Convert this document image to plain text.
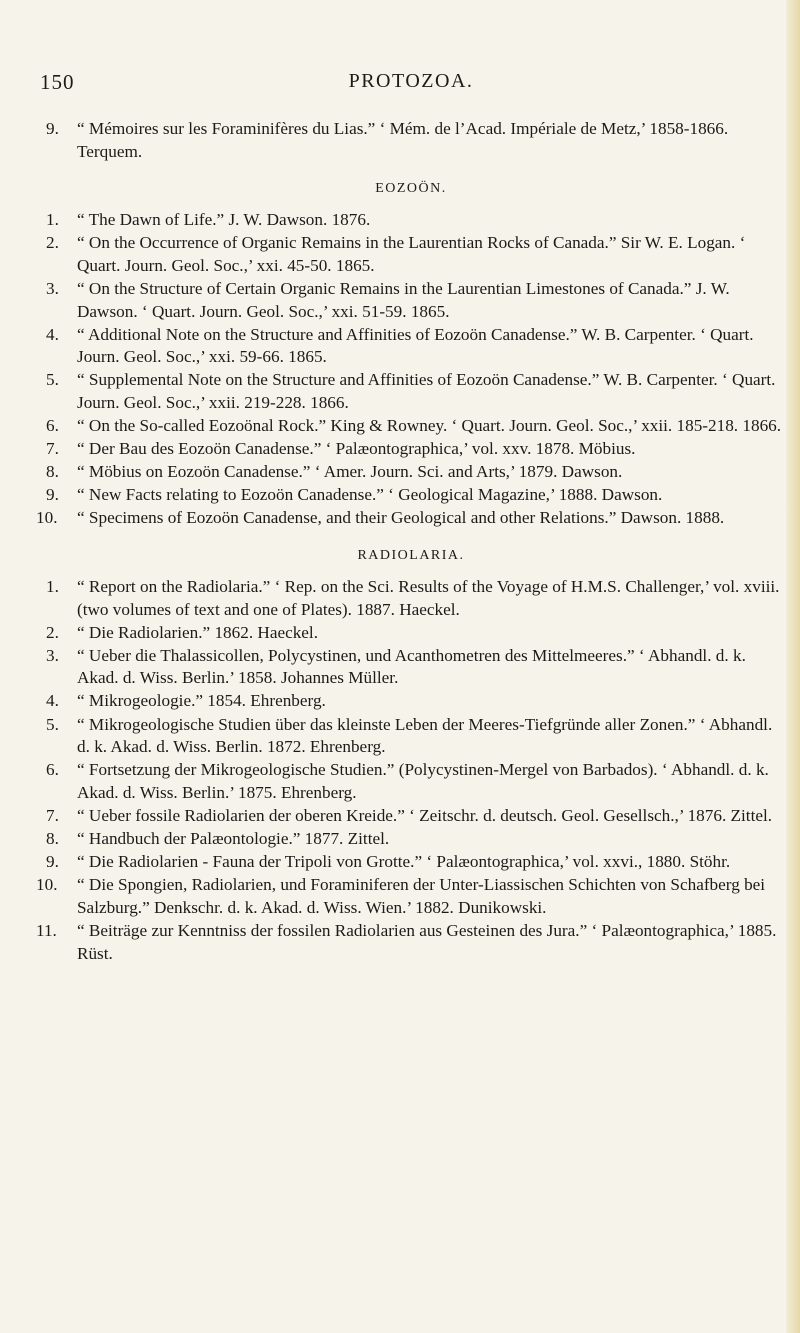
150	PROTOZOA.
9.	“ Mémoires sur les Foraminifères du Lias.” ‘ Mém. de l’Acad. Impériale de Metz,’ 1858-1866. Terquem.
EOZOÖN.
1.	“ The Dawn of Life.” J. W. Dawson. 1876.
2.	“ On the Occurrence of Organic Remains in the Laurentian Rocks of Canada.” Sir W. E. Logan. ‘ Quart. Journ. Geol. Soc.,’ xxi. 45-50. 1865.
3.	“ On the Structure of Certain Organic Remains in the Laurentian Limestones of Canada.” J. W. Dawson. ‘ Quart. Journ. Geol. Soc.,’ xxi. 51-59. 1865.
4.	“ Additional Note on the Structure and Affinities of Eozoön Canadense.” W. B. Carpenter. ‘ Quart. Journ. Geol. Soc.,’ xxi. 59-66. 1865.
5.	“ Supplemental Note on the Structure and Affinities of Eozoön Canadense.” W. B. Carpenter. ‘ Quart. Journ. Geol. Soc.,’ xxii. 219-228. 1866.
6.	“ On the So-called Eozoönal Rock.” King & Rowney. ‘ Quart. Journ. Geol. Soc.,’ xxii. 185-218. 1866.
7.	“ Der Bau des Eozoön Canadense.” ‘ Palæontographica,’ vol. xxv. 1878. Möbius.
8.	“ Möbius on Eozoön Canadense.” ‘ Amer. Journ. Sci. and Arts,’ 1879. Dawson.
9.	“ New Facts relating to Eozoön Canadense.” ‘ Geological Magazine,’ 1888. Dawson.
10. “ Specimens of Eozoön Canadense, and their Geological and other Relations.” Dawson. 1888.
RADIOLARIA.
1.	“ Report on the Radiolaria.” ‘ Rep. on the Sci. Results of the Voyage of H.M.S. Challenger,’ vol. xviii. (two volumes of text and one of Plates). 1887. Haeckel.
2.	“ Die Radiolarien.” 1862. Haeckel.
3.	“ Ueber die Thalassicollen, Polycystinen, und Acanthometren des Mittelmeeres.” ‘ Abhandl. d. k. Akad. d. Wiss. Berlin.’ 1858. Johannes Müller.
4.	“ Mikrogeologie.” 1854. Ehrenberg.
5.	“ Mikrogeologische Studien über das kleinste Leben der Meeres-Tiefgründe aller Zonen.” ‘ Abhandl. d. k. Akad. d. Wiss. Berlin. 1872. Ehrenberg.
6.	“ Fortsetzung der Mikrogeologische Studien.” (Polycystinen-Mergel von Barbados). ‘ Abhandl. d. k. Akad. d. Wiss. Berlin.’ 1875. Ehrenberg.
7.	“ Ueber fossile Radiolarien der oberen Kreide.” ‘ Zeitschr. d. deutsch. Geol. Gesellsch.,’ 1876. Zittel.
8.	“ Handbuch der Palæontologie.” 1877. Zittel.
9.	“ Die Radiolarien - Fauna der Tripoli von Grotte.” ‘ Palæontographica,’ vol. xxvi., 1880. Stöhr.
10. “ Die Spongien, Radiolarien, und Foraminiferen der Unter-Liassischen Schichten von Schafberg bei Salzburg.” Denkschr. d. k. Akad. d. Wiss. Wien.’ 1882. Dunikowski.
11. “ Beiträge zur Kenntniss der fossilen Radiolarien aus Gesteinen des Jura.” ‘ Palæontographica,’ 1885. Rüst.
